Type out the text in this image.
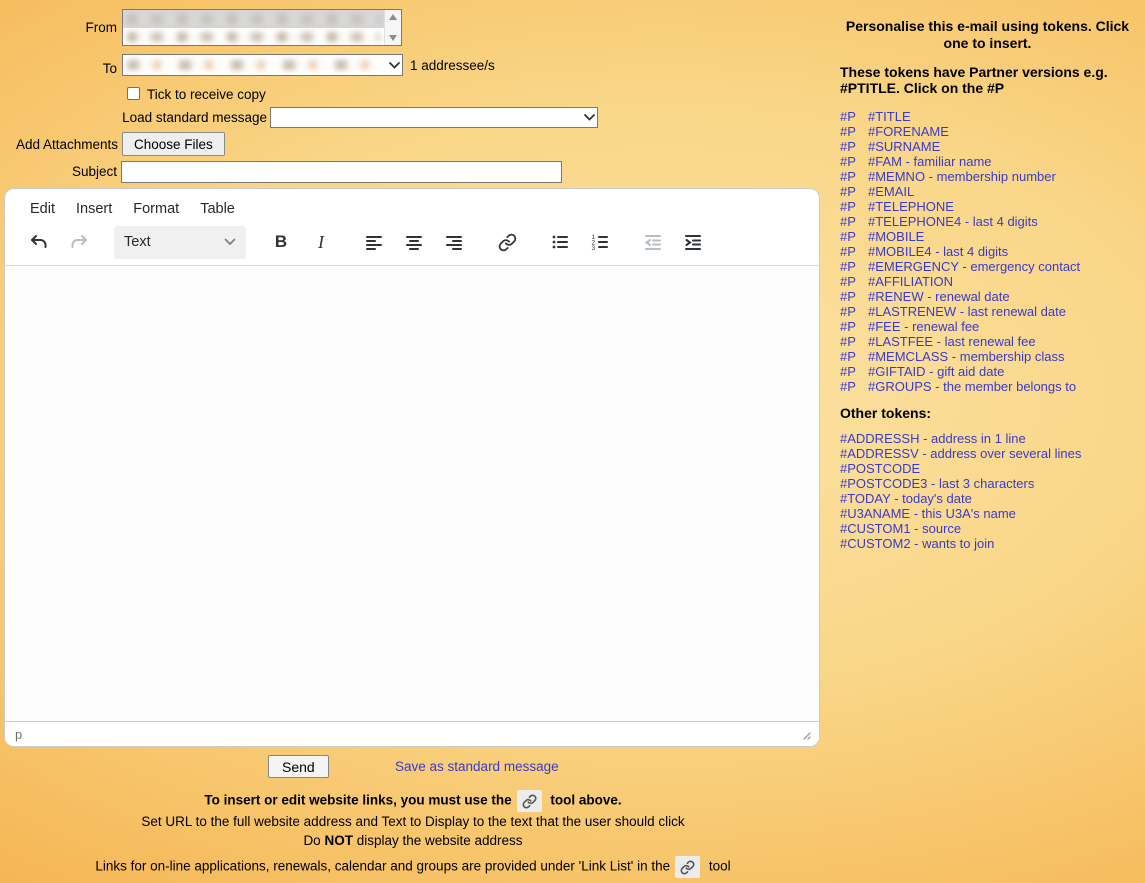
From
To	1 addressee/s
Tick to receive copy
Load standard message
Add Attachments	Choose Files
Subject
Edit	Insert	Format	Table
Text	B I	1
2
3
p
Send	Save as standard message
To insert or edit website links, you must use the	tool above.
Set URL to the full website address and Text to Display to the text that the user should click
Do NOT display the website address
Links for on-line applications, renewals, calendar and groups are provided under 'Link List' in the	tool
Personalise this e-mail using tokens. Click one to insert.
These tokens have Partner versions e.g. #PTITLE. Click on the #P
#P #TITLE
#P #FORENAME
#P #SURNAME
#P #FAM - familiar name
#P #MEMNO - membership number
#P #EMAIL
#P #TELEPHONE
#P #TELEPHONE4 - last 4 digits
#P #MOBILE
#P #MOBILE4 - last 4 digits
#P #EMERGENCY - emergency contact
#P #AFFILIATION
#P #RENEW - renewal date
#P #LASTRENEW - last renewal date
#P #FEE - renewal fee
#P #LASTFEE - last renewal fee
#P #MEMCLASS - membership class
#P #GIFTAID - gift aid date
#P #GROUPS - the member belongs to
Other tokens:
#ADDRESSH - address in 1 line
#ADDRESSV - address over several lines
#POSTCODE
#POSTCODE3 - last 3 characters
#TODAY - today's date
#U3ANAME - this U3A's name
#CUSTOM1 - source
#CUSTOM2 - wants to join
